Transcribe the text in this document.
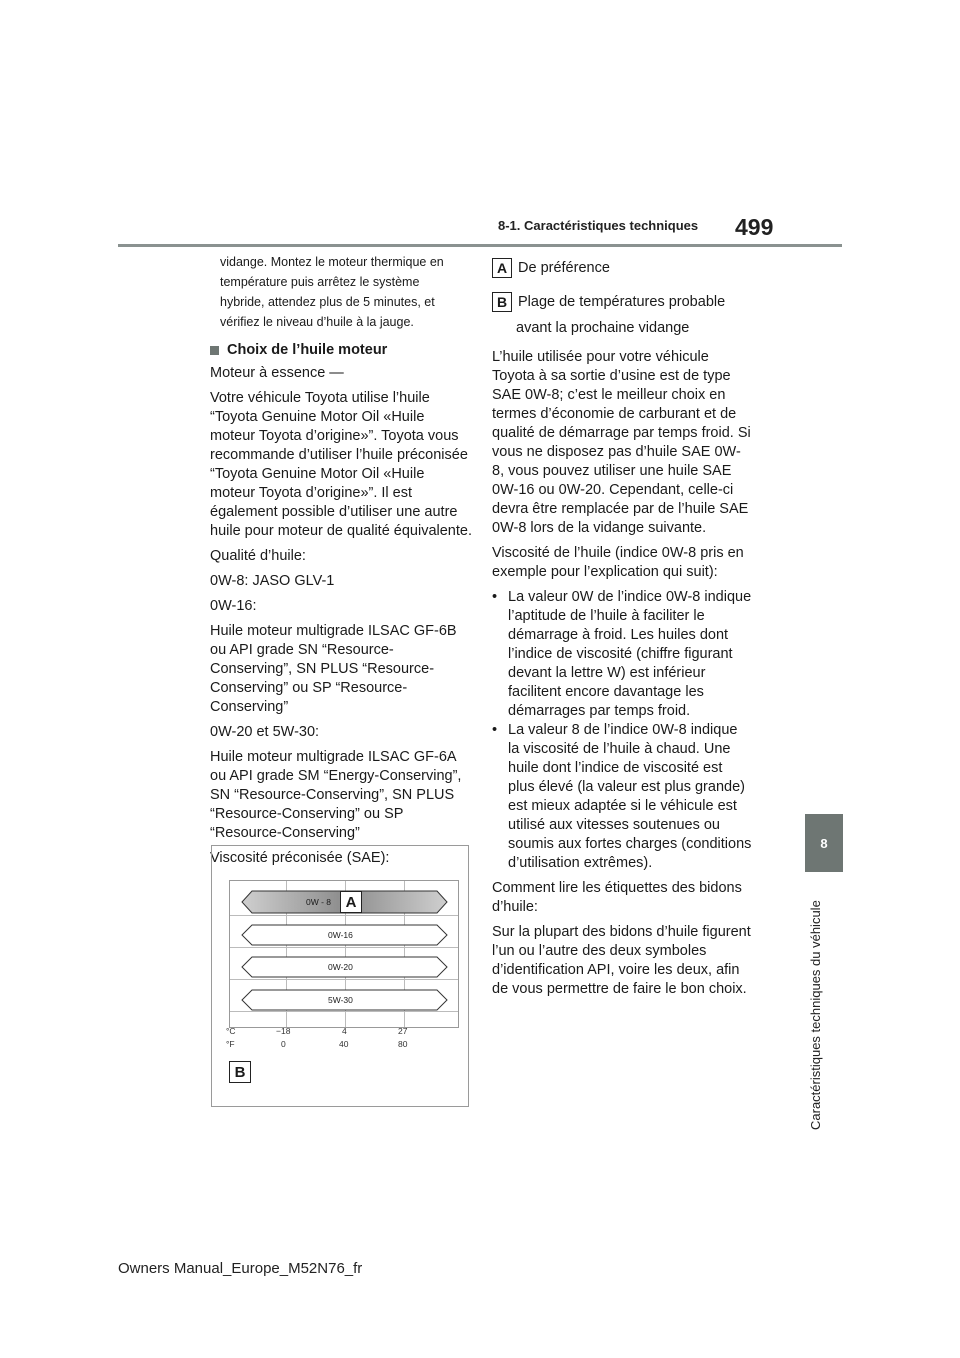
8-1. Caractéristiques techniques 499
8
Caractéristiques techniques du véhicule
vidange. Montez le moteur thermique en
température puis arrêtez le système
hybride, attendez plus de 5 minutes, et
vérifiez le niveau d’huile à la jauge.
Choix de l’huile moteur

Moteur à essence —

Votre véhicule Toyota utilise l’huile “Toyota Genuine Motor Oil «Huile moteur Toyota d’origine»”. Toyota vous recommande d’utiliser l’huile préconisée “Toyota Genuine Motor Oil «Huile moteur Toyota d’origine»”. Il est également possible d’utiliser une autre huile pour moteur de qualité équivalente.

Qualité d’huile:

0W-8: JASO GLV-1

0W-16:

Huile moteur multigrade ILSAC GF-6B ou API grade SN “Resource-Conserving”, SN PLUS “Resource-Conserving” ou SP “Resource-Conserving”

0W-20 et 5W-30:

Huile moteur multigrade ILSAC GF-6A ou API grade SM “Energy-Conserving”, SN “Resource-Conserving”, SN PLUS “Resource-Conserving” ou SP “Resource-Conserving”

Viscosité préconisée (SAE):

0W - 8
0W-16
0W-20
5W-30
A
°C
°F
−18	4	27
0	40	80
B
A De préférence
B Plage de températures probable
avant la prochaine vidange

L’huile utilisée pour votre véhicule Toyota à sa sortie d’usine est de type SAE 0W-8; c’est le meilleur choix en termes d’économie de carburant et de qualité de démarrage par temps froid. Si vous ne disposez pas d’huile SAE 0W-8, vous pouvez utiliser une huile SAE 0W-16 ou 0W-20. Cependant, celle-ci devra être remplacée par de l’huile SAE 0W-8 lors de la vidange suivante.

Viscosité de l’huile (indice 0W-8 pris en exemple pour l’explication qui suit):

• La valeur 0W de l’indice 0W-8 indique l’aptitude de l’huile à faciliter le démarrage à froid. Les huiles dont l’indice de viscosité (chiffre figurant devant la lettre W) est inférieur facilitent encore davantage les démarrages par temps froid.
• La valeur 8 de l’indice 0W-8 indique la viscosité de l’huile à chaud. Une huile dont l’indice de viscosité est plus élevé (la valeur est plus grande) est mieux adaptée si le véhicule est utilisé aux vitesses soutenues ou soumis aux fortes charges (conditions d’utilisation extrêmes).

Comment lire les étiquettes des bidons d’huile:

Sur la plupart des bidons d’huile figurent l’un ou l’autre des deux symboles d’identification API, voire les deux, afin de vous permettre de faire le bon choix.

Owners Manual_Europe_M52N76_fr
